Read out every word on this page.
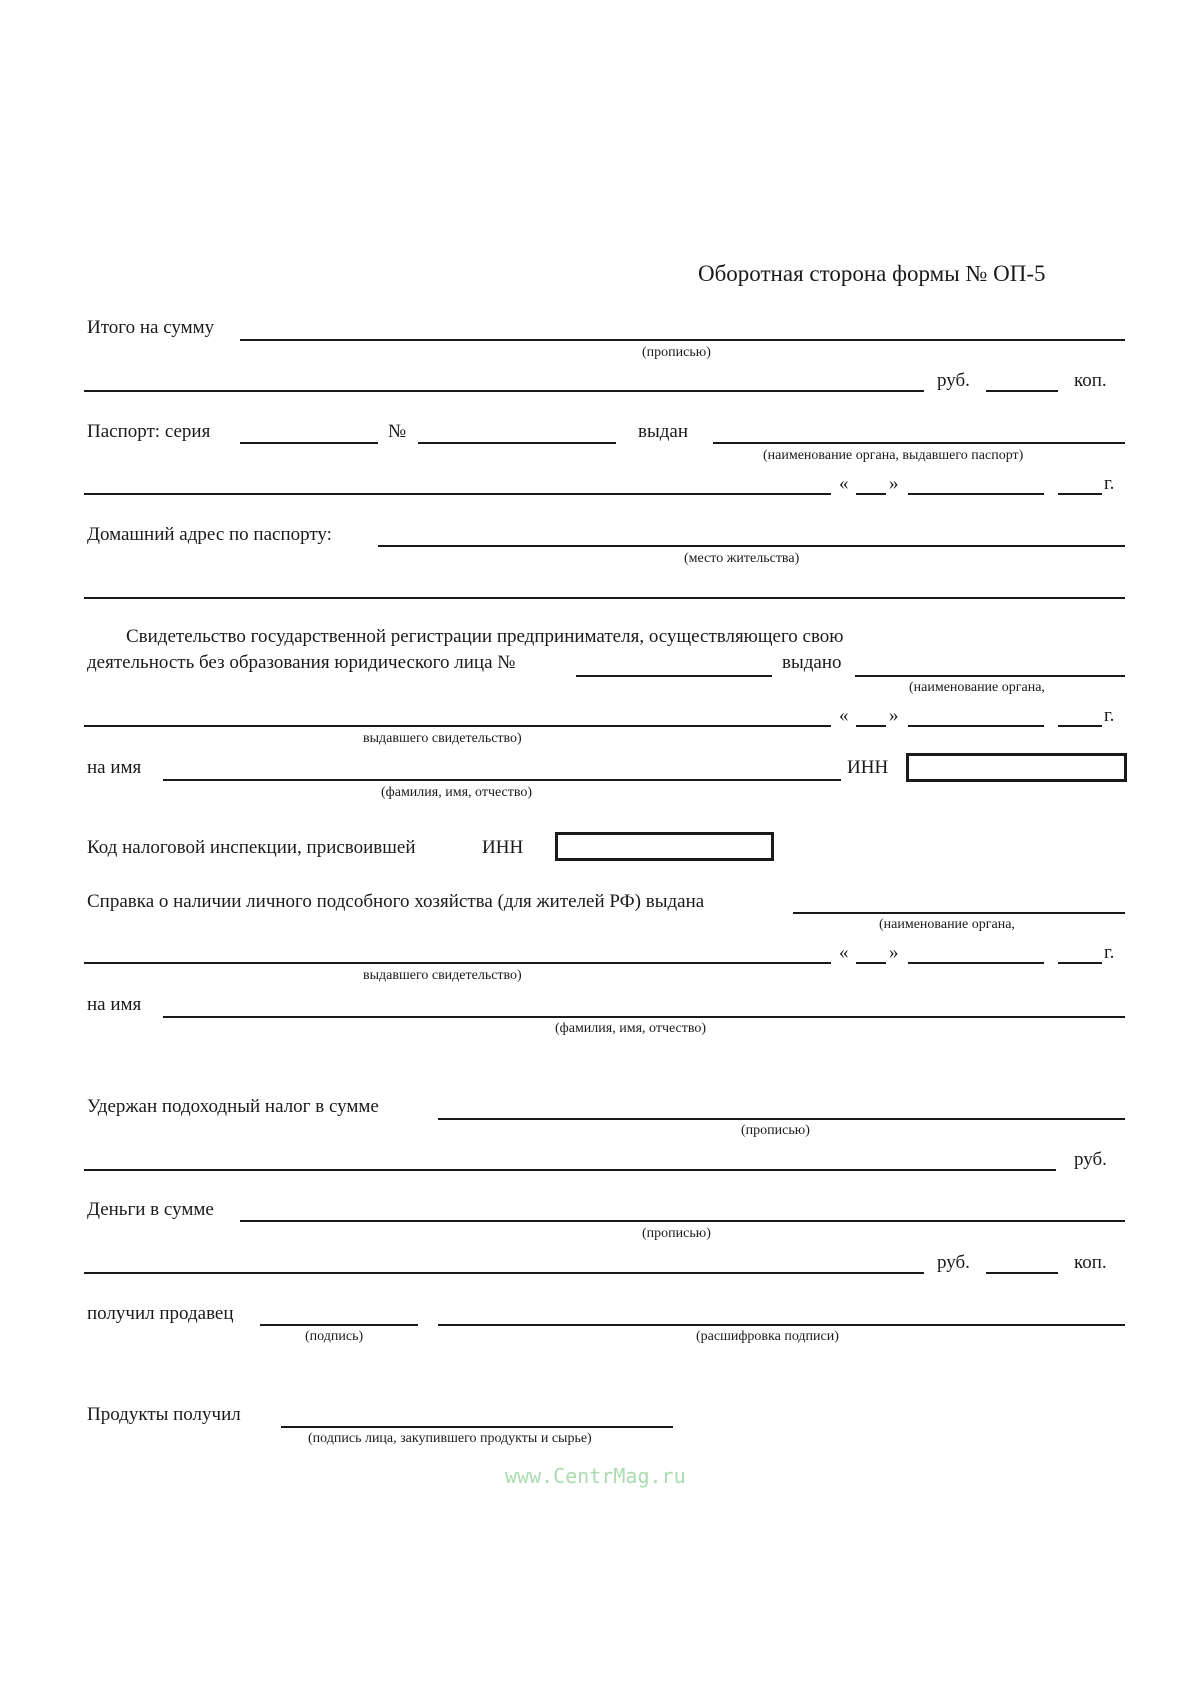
Оборотная сторона формы № ОП-5
Итого на сумму
(прописью)
руб.	коп.
Паспорт: серия	№	выдан
(наименование органа, выдавшего паспорт)
« »	г.
Домашний адрес по паспорту:
(место жительства)
Свидетельство государственной регистрации предпринимателя, осуществляющего свою
деятельность без образования юридического лица №	выдано
(наименование органа,
« »	г.
выдавшего свидетельство)
на имя
(фамилия, имя, отчество)
ИНН
Код налоговой инспекции, присвоившей	ИНН
Справка о наличии личного подсобного хозяйства (для жителей РФ) выдана
(наименование органа,
« »	г.
выдавшего свидетельство)
на имя
(фамилия, имя, отчество)
Удержан подоходный налог в сумме
(прописью)
руб.
Деньги в сумме
(прописью)
руб.	коп.
получил продавец
(подпись)	(расшифровка подписи)
Продукты получил
(подпись лица, закупившего продукты и сырье)
www.CentrMag.ru
